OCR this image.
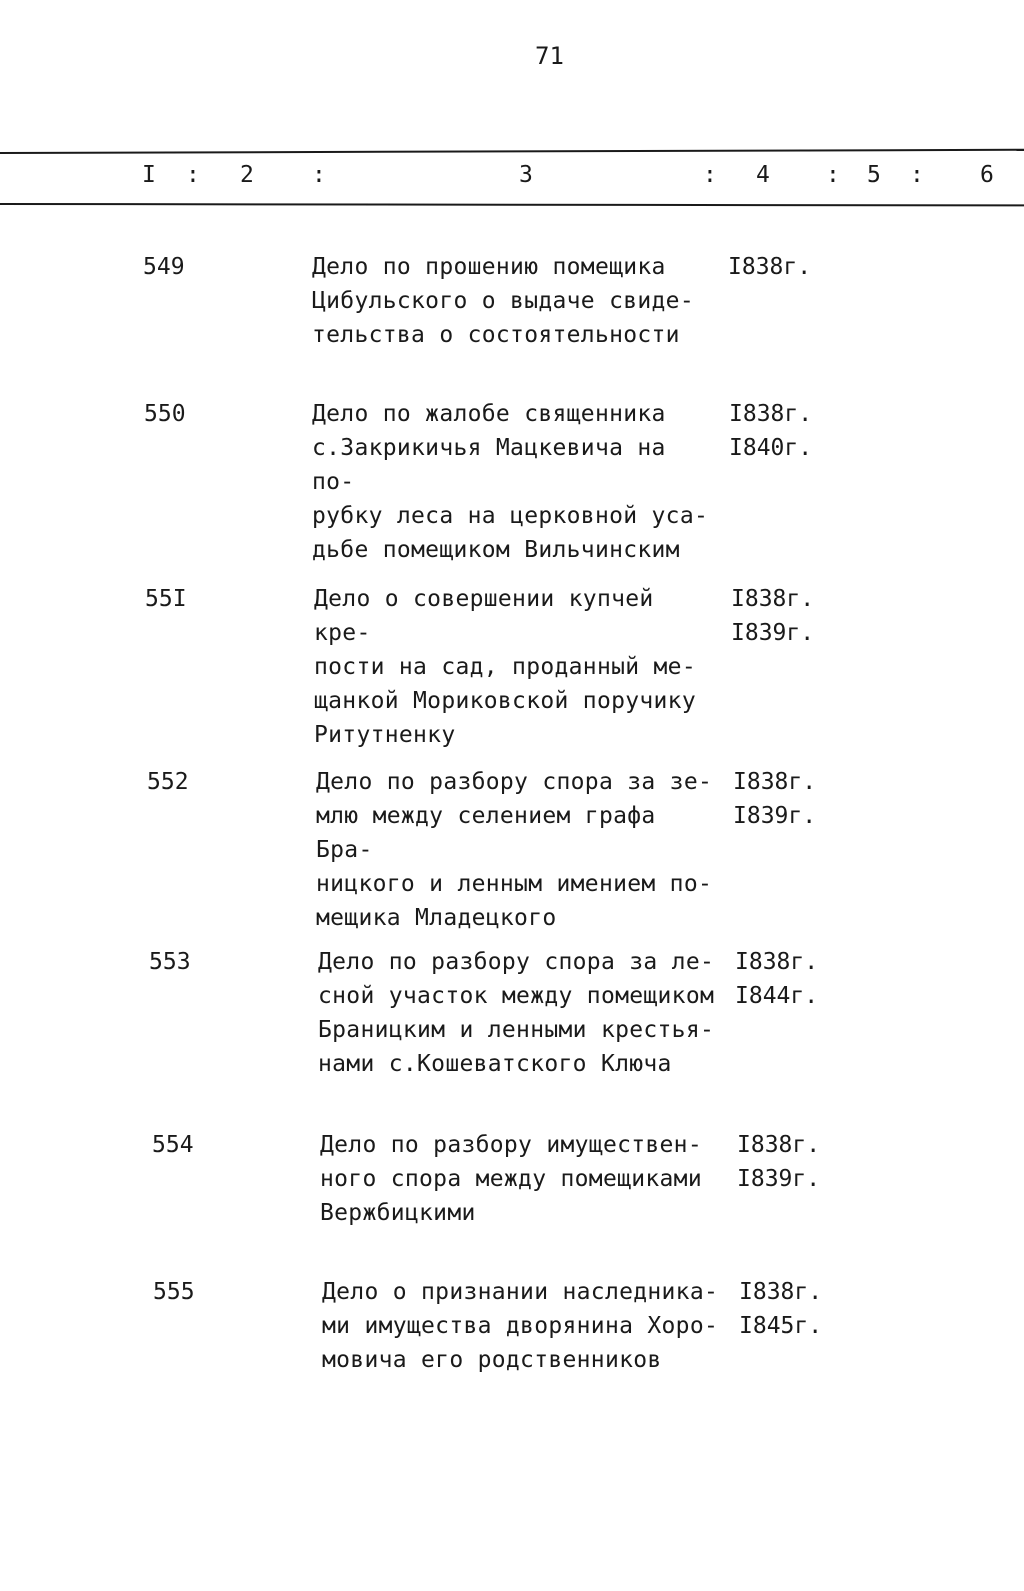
71
I : 2	:	3	: 4 : 5 : 6
549	Дело по прошению помещика
Цибульского о выдаче свиде-
тельства о состоятельности
I838г.
550	Дело по жалобе священника
с.Закрикичья Мацкевича на по-
рубку леса на церковной уса-
дьбе помещиком Вильчинским
I838г.
I840г.
55I	Дело о совершении купчей кре-
пости на сад, проданный ме-
щанкой Мориковской поручику
Ритутненку
I838г.
I839г.
552	Дело по разбору спора за зе-
млю между селением графа Бра-
ницкого и ленным имением по-
мещика Младецкого
I838г.
I839г.
553	Дело по разбору спора за ле-
сной участок между помещиком
Браницким и ленными крестья-
нами с.Кошеватского Ключа
I838г.
I844г.
554	Дело по разбору имуществен-
ного спора между помещиками
Вержбицкими
I838г.
I839г.
555	Дело о признании наследника-
ми имущества дворянина Хоро-
мовича его родственников
I838г.
I845г.
